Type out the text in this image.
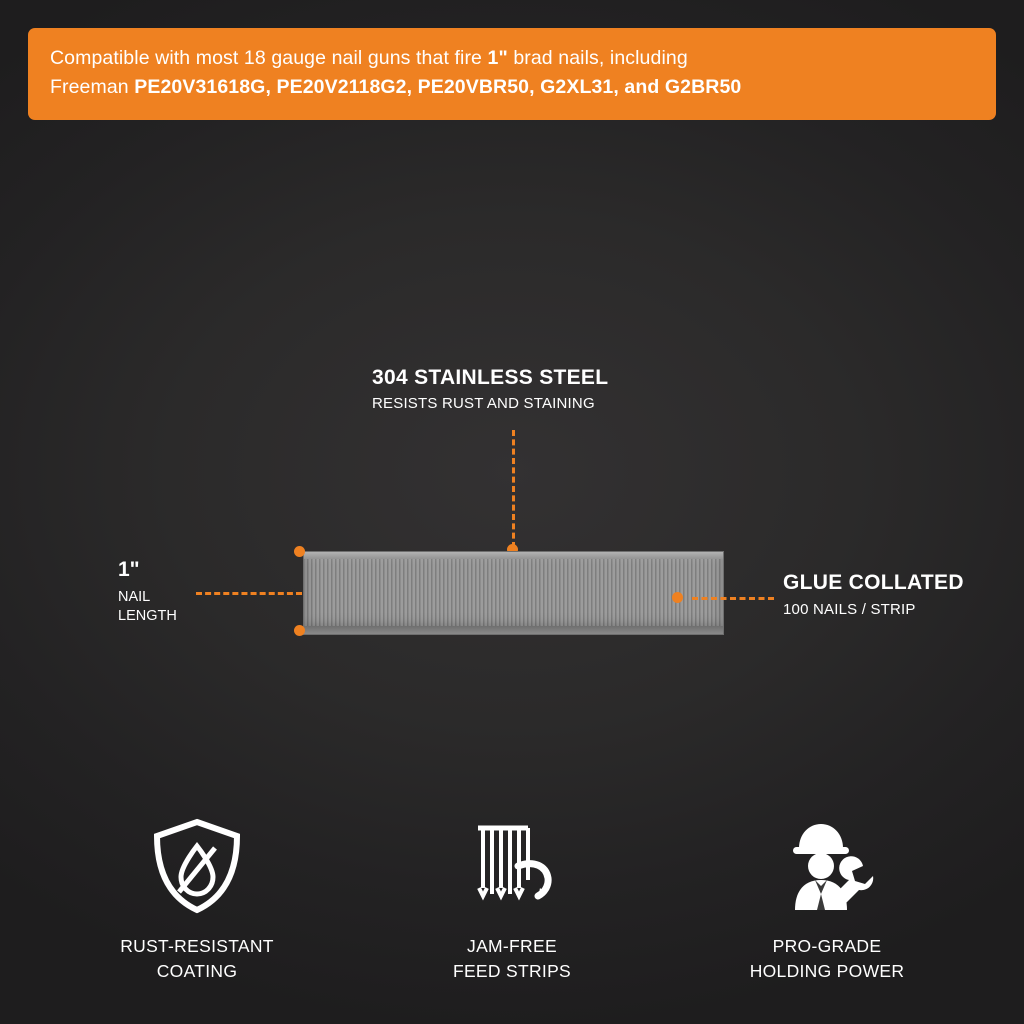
Compatible with most 18 gauge nail guns that fire 1" brad nails, including
Freeman PE20V31618G, PE20V2118G2, PE20VBR50, G2XL31, and G2BR50
304 STAINLESS STEEL
RESISTS RUST AND STAINING
1"
NAIL
LENGTH
GLUE COLLATED
100 NAILS / STRIP
RUST-RESISTANT
COATING
JAM-FREE
FEED STRIPS
PRO-GRADE
HOLDING POWER
